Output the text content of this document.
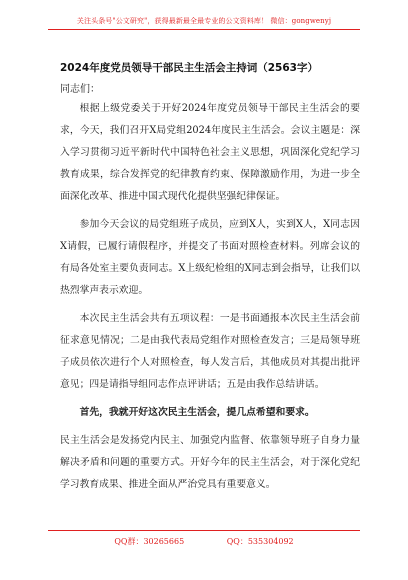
关注头条号"公文研究"，获得最新最全最专业的公文资料库！ 微信：gongwenyj
2024年度党员领导干部民主生活会主持词（2563字）
同志们：

根据上级党委关于开好2024年度党员领导干部民主生活会的要求，今天，我们召开X局党组2024年度民主生活会。会议主题是：深入学习贯彻习近平新时代中国特色社会主义思想，巩固深化党纪学习教育成果，综合发挥党的纪律教育约束、保障激励作用，为进一步全面深化改革、推进中国式现代化提供坚强纪律保证。

参加今天会议的局党组班子成员，应到X人，实到X人，X同志因X请假，已履行请假程序，并提交了书面对照检查材料。列席会议的有局各处室主要负责同志。X上级纪检组的X同志到会指导，让我们以热烈掌声表示欢迎。

本次民主生活会共有五项议程：一是书面通报本次民主生活会前征求意见情况；二是由我代表局党组作对照检查发言；三是局领导班子成员依次进行个人对照检查，每人发言后，其他成员对其提出批评意见；四是请指导组同志作点评讲话；五是由我作总结讲话。

首先，我就开好这次民主生活会，提几点希望和要求。

民主生活会是发扬党内民主、加强党内监督、依靠领导班子自身力量解决矛盾和问题的重要方式。开好今年的民主生活会，对于深化党纪学习教育成果、推进全面从严治党具有重要意义。

QQ群：30265665	QQ：535304092
